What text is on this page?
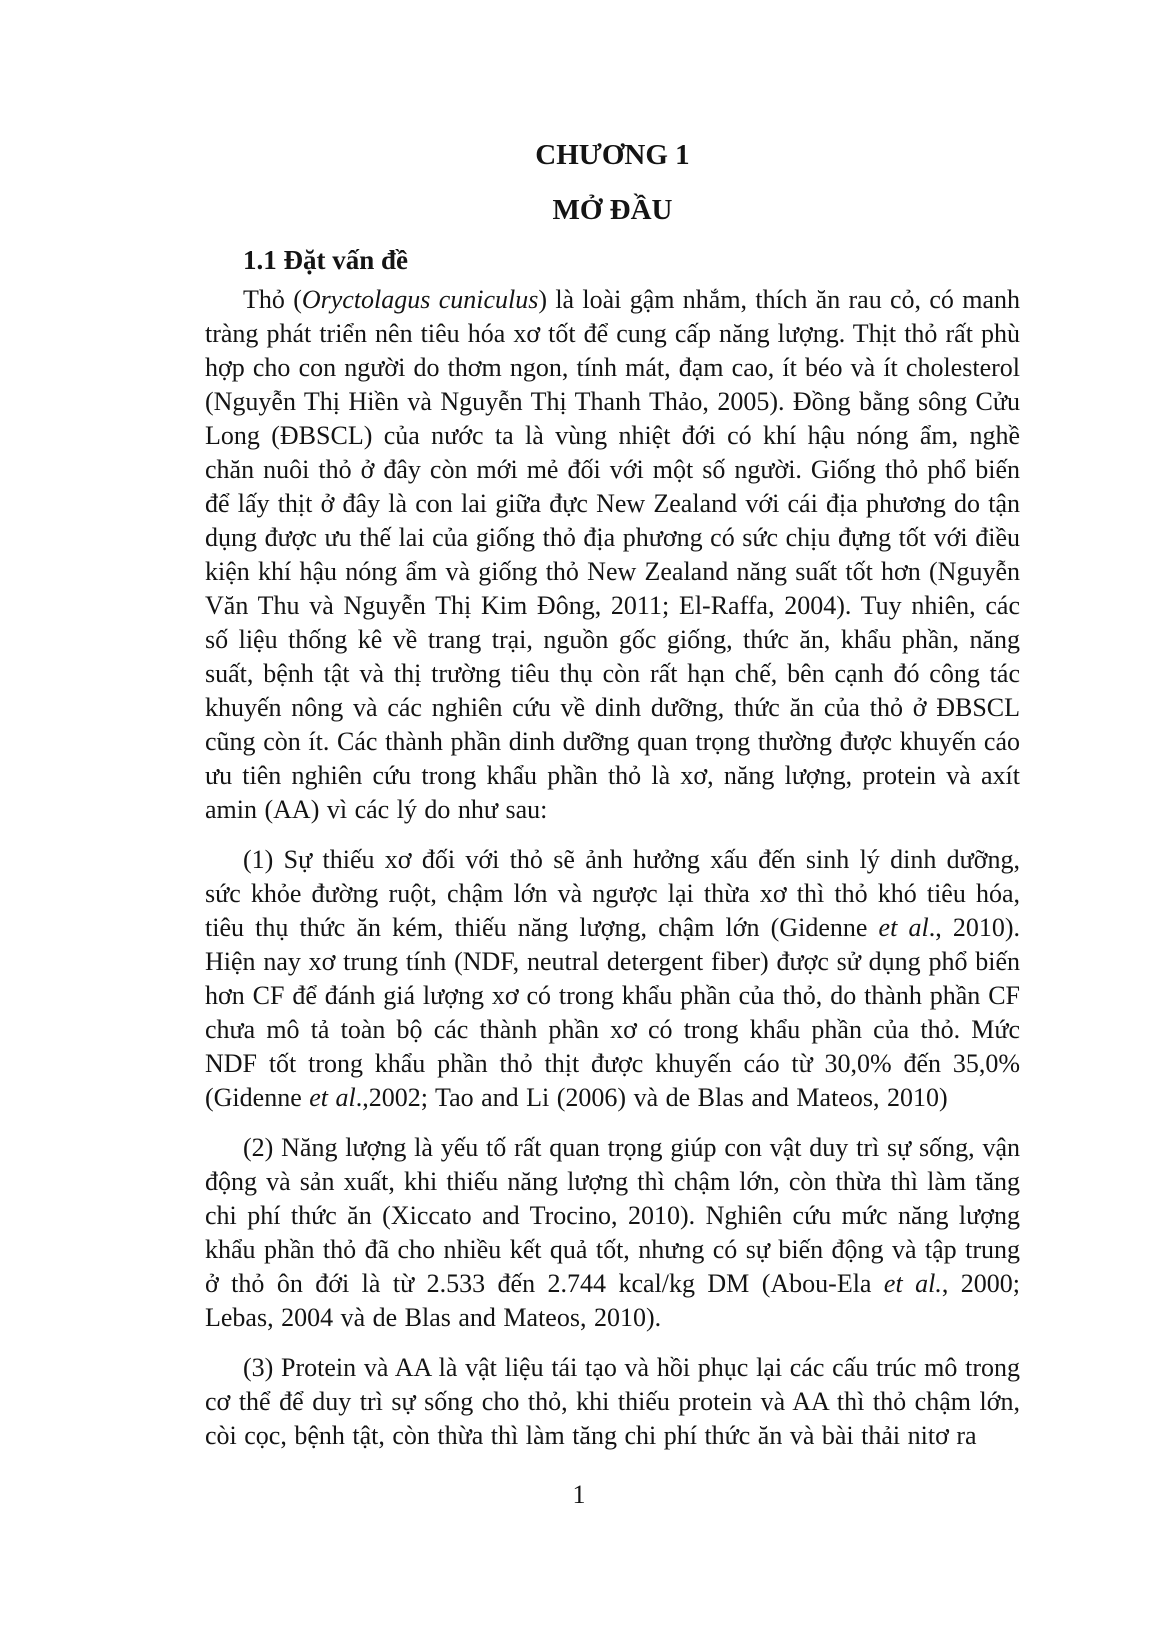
CHƯƠNG 1
MỞ ĐẦU
1.1 Đặt vấn đề

Thỏ (Oryctolagus cuniculus) là loài gậm nhắm, thích ăn rau cỏ, có manh tràng phát triển nên tiêu hóa xơ tốt để cung cấp năng lượng. Thịt thỏ rất phù hợp cho con người do thơm ngon, tính mát, đạm cao, ít béo và ít cholesterol (Nguyễn Thị Hiền và Nguyễn Thị Thanh Thảo, 2005). Đồng bằng sông Cửu Long (ĐBSCL) của nước ta là vùng nhiệt đới có khí hậu nóng ẩm, nghề chăn nuôi thỏ ở đây còn mới mẻ đối với một số người. Giống thỏ phổ biến để lấy thịt ở đây là con lai giữa đực New Zealand với cái địa phương do tận dụng được ưu thế lai của giống thỏ địa phương có sức chịu đựng tốt với điều kiện khí hậu nóng ẩm và giống thỏ New Zealand năng suất tốt hơn (Nguyễn Văn Thu và Nguyễn Thị Kim Đông, 2011; El-Raffa, 2004). Tuy nhiên, các số liệu thống kê về trang trại, nguồn gốc giống, thức ăn, khẩu phần, năng suất, bệnh tật và thị trường tiêu thụ còn rất hạn chế, bên cạnh đó công tác khuyến nông và các nghiên cứu về dinh dưỡng, thức ăn của thỏ ở ĐBSCL cũng còn ít. Các thành phần dinh dưỡng quan trọng thường được khuyến cáo ưu tiên nghiên cứu trong khẩu phần thỏ là xơ, năng lượng, protein và axít amin (AA) vì các lý do như sau:

(1) Sự thiếu xơ đối với thỏ sẽ ảnh hưởng xấu đến sinh lý dinh dưỡng, sức khỏe đường ruột, chậm lớn và ngược lại thừa xơ thì thỏ khó tiêu hóa, tiêu thụ thức ăn kém, thiếu năng lượng, chậm lớn (Gidenne et al., 2010). Hiện nay xơ trung tính (NDF, neutral detergent fiber) được sử dụng phổ biến hơn CF để đánh giá lượng xơ có trong khẩu phần của thỏ, do thành phần CF chưa mô tả toàn bộ các thành phần xơ có trong khẩu phần của thỏ. Mức NDF tốt trong khẩu phần thỏ thịt được khuyến cáo từ 30,0% đến 35,0% (Gidenne et al.,2002; Tao and Li (2006) và de Blas and Mateos, 2010)

(2) Năng lượng là yếu tố rất quan trọng giúp con vật duy trì sự sống, vận động và sản xuất, khi thiếu năng lượng thì chậm lớn, còn thừa thì làm tăng chi phí thức ăn (Xiccato and Trocino, 2010). Nghiên cứu mức năng lượng khẩu phần thỏ đã cho nhiều kết quả tốt, nhưng có sự biến động và tập trung ở thỏ ôn đới là từ 2.533 đến 2.744 kcal/kg DM (Abou-Ela et al., 2000; Lebas, 2004 và de Blas and Mateos, 2010).

(3) Protein và AA là vật liệu tái tạo và hồi phục lại các cấu trúc mô trong cơ thể để duy trì sự sống cho thỏ, khi thiếu protein và AA thì thỏ chậm lớn, còi cọc, bệnh tật, còn thừa thì làm tăng chi phí thức ăn và bài thải nitơ ra

1
